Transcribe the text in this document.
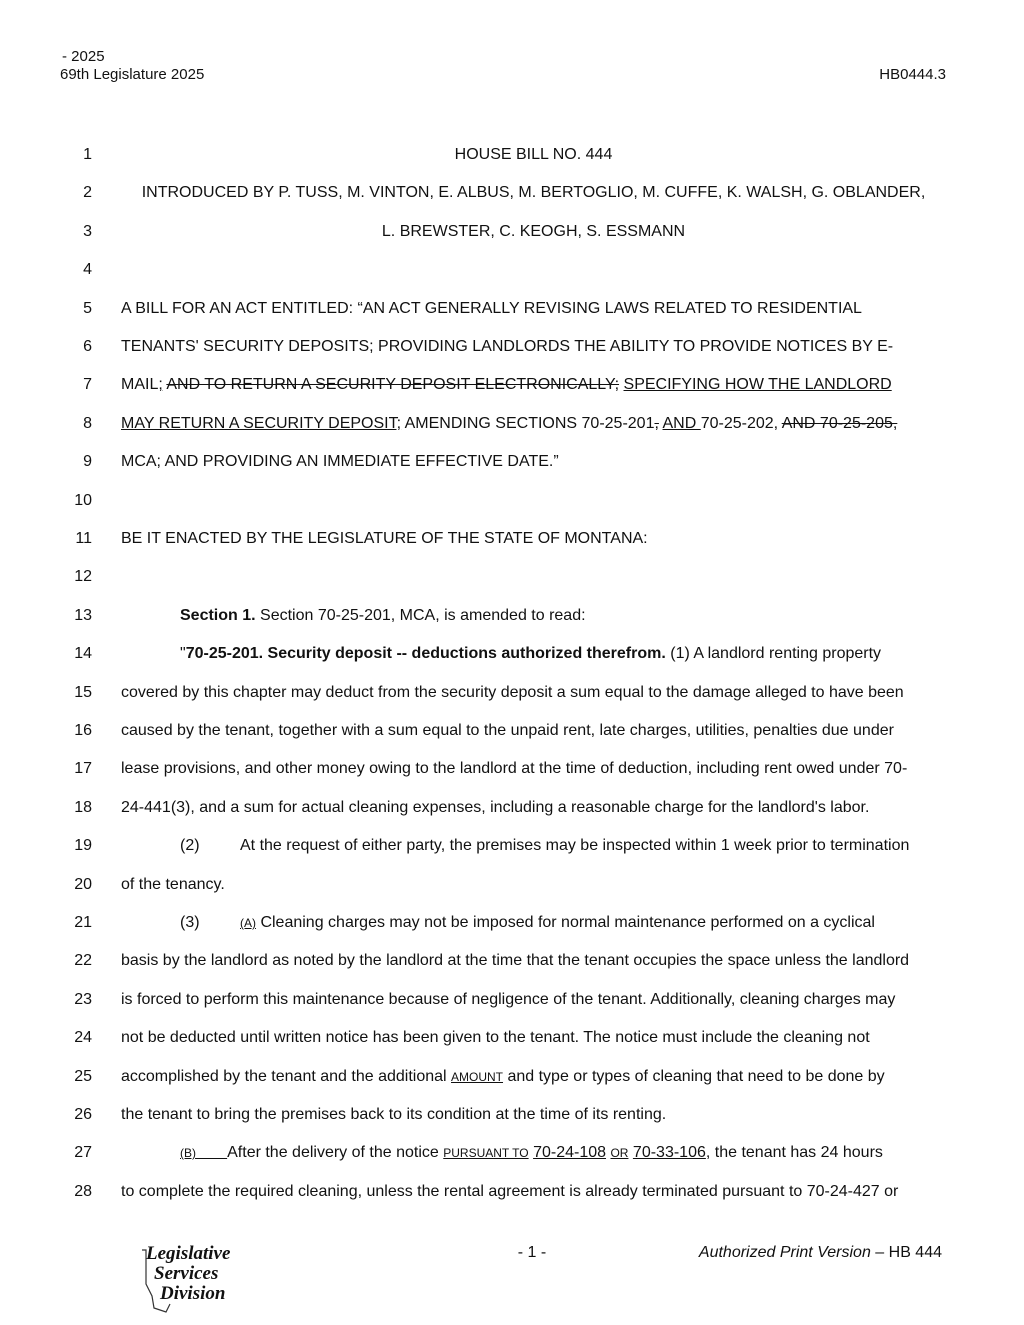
- 2025
69th Legislature 2025	HB0444.3
1	HOUSE BILL NO. 444
2	INTRODUCED BY P. TUSS, M. VINTON, E. ALBUS, M. BERTOGLIO, M. CUFFE, K. WALSH, G. OBLANDER,
3	L. BREWSTER, C. KEOGH, S. ESSMANN
4
5 A BILL FOR AN ACT ENTITLED: “AN ACT GENERALLY REVISING LAWS RELATED TO RESIDENTIAL
6 TENANTS' SECURITY DEPOSITS; PROVIDING LANDLORDS THE ABILITY TO PROVIDE NOTICES BY E-
7 MAIL; AND TO RETURN A SECURITY DEPOSIT ELECTRONICALLY; SPECIFYING HOW THE LANDLORD
8 MAY RETURN A SECURITY DEPOSIT; AMENDING SECTIONS 70-25-201, AND 70-25-202, AND 70-25-205,
9 MCA; AND PROVIDING AN IMMEDIATE EFFECTIVE DATE.”
10
11 BE IT ENACTED BY THE LEGISLATURE OF THE STATE OF MONTANA:
12
13	Section 1. Section 70-25-201, MCA, is amended to read:
14	"70-25-201. Security deposit -- deductions authorized therefrom. (1) A landlord renting property
15 covered by this chapter may deduct from the security deposit a sum equal to the damage alleged to have been
16 caused by the tenant, together with a sum equal to the unpaid rent, late charges, utilities, penalties due under
17 lease provisions, and other money owing to the landlord at the time of deduction, including rent owed under 70-
18 24-441(3), and a sum for actual cleaning expenses, including a reasonable charge for the landlord's labor.
19	(2)	At the request of either party, the premises may be inspected within 1 week prior to termination
20 of the tenancy.
21	(3)	(A) Cleaning charges may not be imposed for normal maintenance performed on a cyclical
22 basis by the landlord as noted by the landlord at the time that the tenant occupies the space unless the landlord
23 is forced to perform this maintenance because of negligence of the tenant. Additionally, cleaning charges may
24 not be deducted until written notice has been given to the tenant. The notice must include the cleaning not
25 accomplished by the tenant and the additional AMOUNT and type or types of cleaning that need to be done by
26 the tenant to bring the premises back to its condition at the time of its renting.
27	(B) After the delivery of the notice PURSUANT TO 70-24-108 OR 70-33-106, the tenant has 24 hours
28 to complete the required cleaning, unless the rental agreement is already terminated pursuant to 70-24-427 or
Legislative
Services
Division
- 1 -	Authorized Print Version – HB 444
